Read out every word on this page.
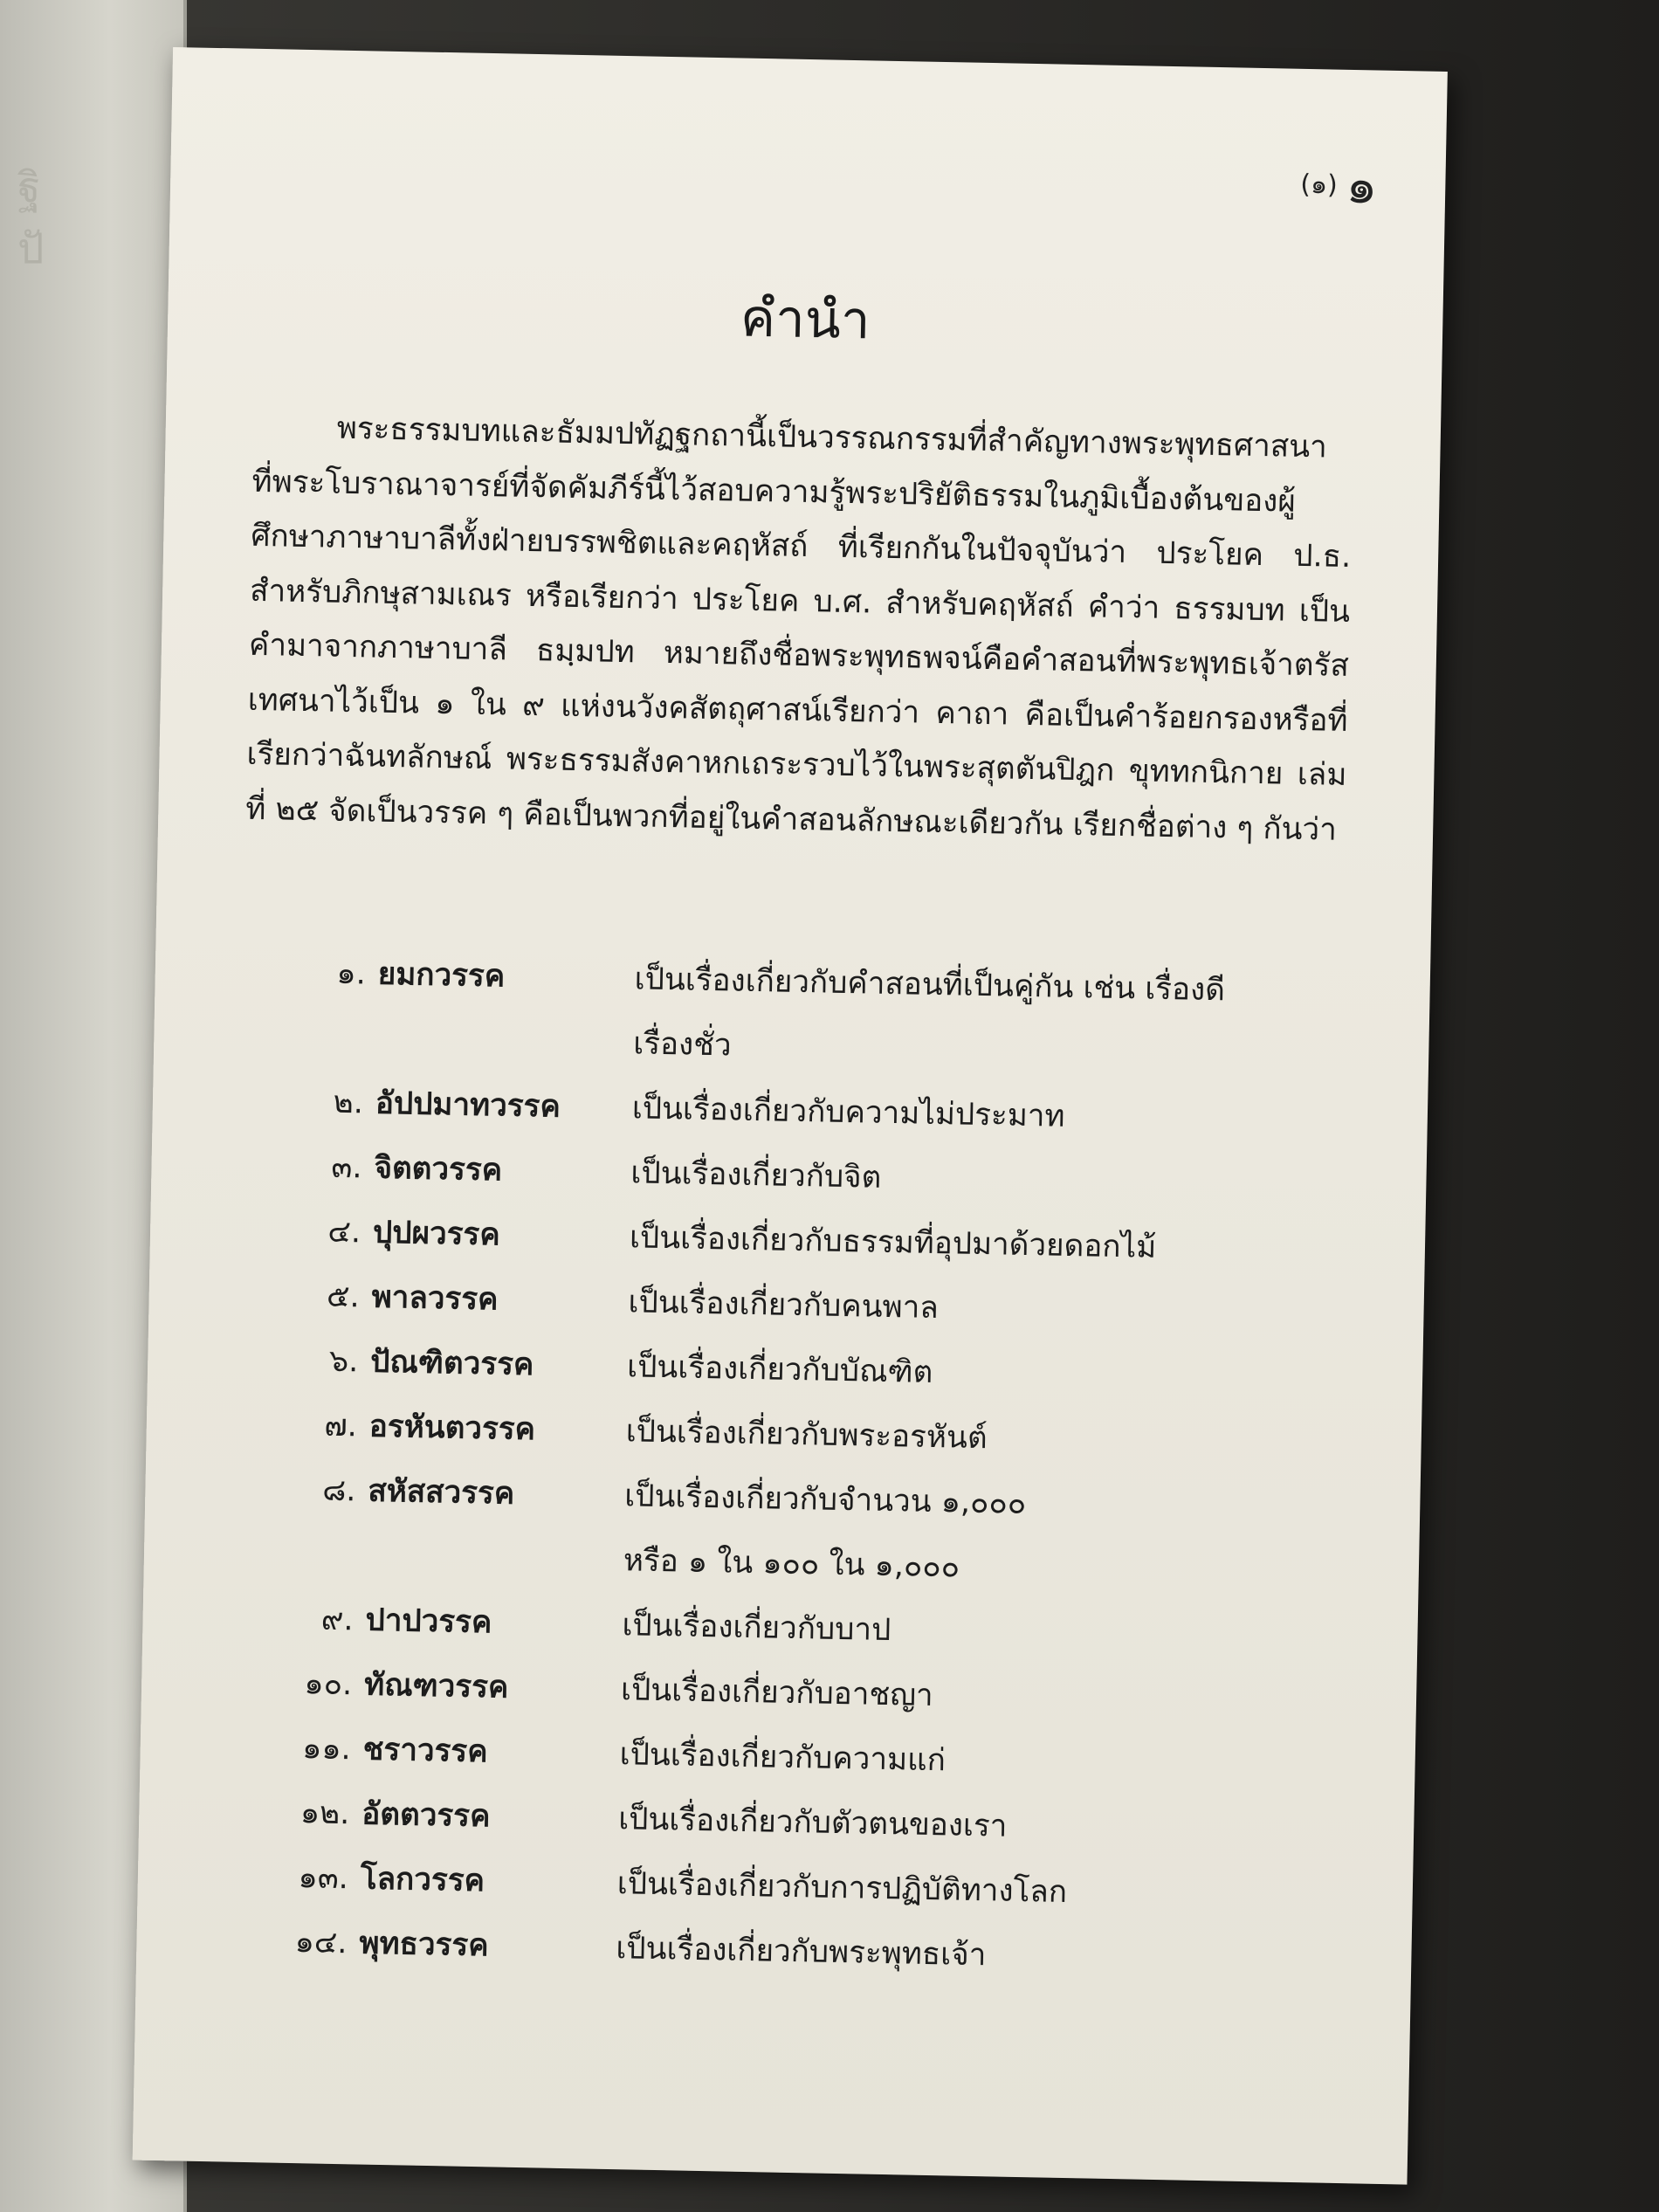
ฐิ
ปั
(๑) ๑
คำนำ

พระธรรมบทและธัมมปทัฏฐกถานี้เป็นวรรณกรรมที่สำคัญทางพระพุทธศาสนา ที่พระโบราณาจารย์ที่จัดคัมภีร์นี้ไว้สอบความรู้พระปริยัติธรรมในภูมิเบื้องต้นของผู้ศึกษาภาษาบาลีทั้งฝ่ายบรรพชิตและคฤหัสถ์ ที่เรียกกันในปัจจุบันว่า ประโยค ป.ธ. สำหรับภิกษุสามเณร หรือเรียกว่า ประโยค บ.ศ. สำหรับคฤหัสถ์ คำว่า ธรรมบท เป็นคำมาจากภาษาบาลี ธมฺมปท หมายถึงชื่อพระพุทธพจน์คือคำสอนที่พระพุทธเจ้าตรัสเทศนาไว้เป็น ๑ ใน ๙ แห่งนวังคสัตถุศาสน์เรียกว่า คาถา คือเป็นคำร้อยกรองหรือที่เรียกว่าฉันทลักษณ์ พระธรรมสังคาหกเถระรวบไว้ในพระสุตตันปิฎก ขุททกนิกาย เล่มที่ ๒๕ จัดเป็นวรรค ๆ คือเป็นพวกที่อยู่ในคำสอนลักษณะเดียวกัน เรียกชื่อต่าง ๆ กันว่า

๑. ยมกวรรค	เป็นเรื่องเกี่ยวกับคำสอนที่เป็นคู่กัน เช่น เรื่องดี
เรื่องชั่ว
๒. อัปปมาทวรรค	เป็นเรื่องเกี่ยวกับความไม่ประมาท
๓. จิตตวรรค	เป็นเรื่องเกี่ยวกับจิต
๔. ปุปผวรรค	เป็นเรื่องเกี่ยวกับธรรมที่อุปมาด้วยดอกไม้
๕. พาลวรรค	เป็นเรื่องเกี่ยวกับคนพาล
๖. ปัณฑิตวรรค	เป็นเรื่องเกี่ยวกับบัณฑิต
๗. อรหันตวรรค	เป็นเรื่องเกี่ยวกับพระอรหันต์
๘. สหัสสวรรค	เป็นเรื่องเกี่ยวกับจำนวน ๑,๐๐๐
หรือ ๑ ใน ๑๐๐ ใน ๑,๐๐๐
๙. ปาปวรรค	เป็นเรื่องเกี่ยวกับบาป
๑๐. ทัณฑวรรค	เป็นเรื่องเกี่ยวกับอาชญา
๑๑. ชราวรรค	เป็นเรื่องเกี่ยวกับความแก่
๑๒. อัตตวรรค	เป็นเรื่องเกี่ยวกับตัวตนของเรา
๑๓. โลกวรรค	เป็นเรื่องเกี่ยวกับการปฏิบัติทางโลก
๑๔. พุทธวรรค	เป็นเรื่องเกี่ยวกับพระพุทธเจ้า
